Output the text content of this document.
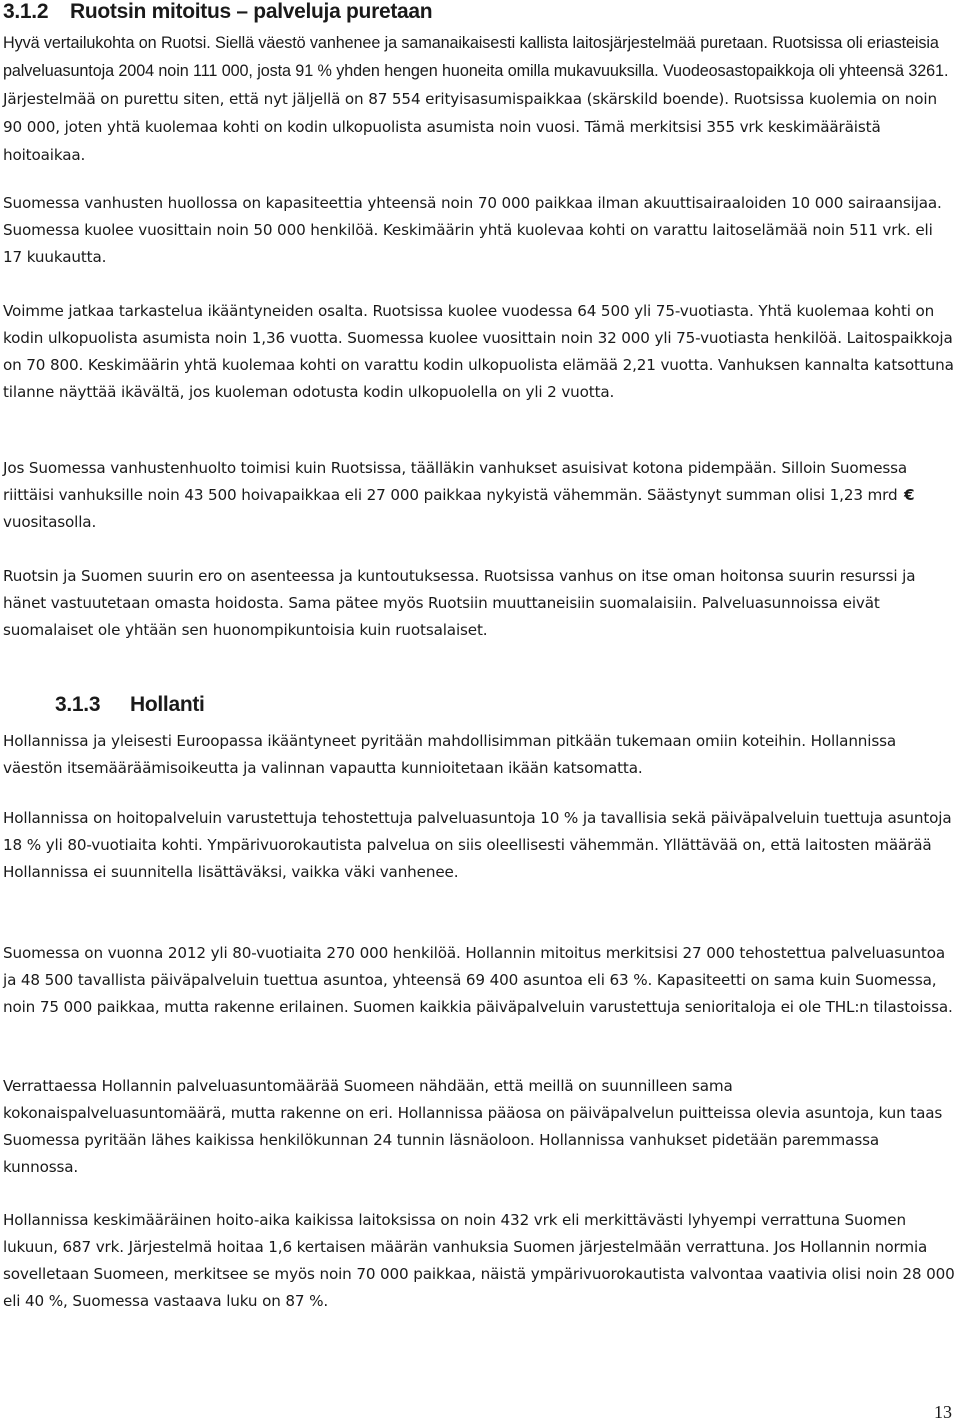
3.1.2	Ruotsin mitoitus – palveluja puretaan

Hyvä vertailukohta on Ruotsi. Siellä väestö vanhenee ja samanaikaisesti kallista laitosjärjestelmää puretaan. Ruotsissa oli eriasteisia palveluasuntoja 2004 noin 111 000, josta 91 % yhden hengen huoneita omilla mukavuuksilla. Vuodeosastopaikkoja oli yhteensä 3261. Järjestelmää on purettu siten, että nyt jäljellä on 87 554 erityisasumispaikkaa (skärskild boende). Ruotsissa kuolemia on noin 90 000, joten yhtä kuolemaa kohti on kodin ulkopuolista asumista noin vuosi. Tämä merkitsisi 355 vrk keskimääräistä hoitoaikaa.

Suomessa vanhusten huollossa on kapasiteettia yhteensä noin 70 000 paikkaa ilman akuuttisairaaloiden 10 000 sairaansijaa. Suomessa kuolee vuosittain noin 50 000 henkilöä. Keskimäärin yhtä kuolevaa kohti on varattu laitoselämää noin 511 vrk. eli 17 kuukautta.

Voimme jatkaa tarkastelua ikääntyneiden osalta. Ruotsissa kuolee vuodessa 64 500 yli 75-vuotiasta. Yhtä kuolemaa kohti on kodin ulkopuolista asumista noin 1,36 vuotta. Suomessa kuolee vuosittain noin 32 000 yli 75-vuotiasta henkilöä. Laitospaikkoja on 70 800. Keskimäärin yhtä kuolemaa kohti on varattu kodin ulkopuolista elämää 2,21 vuotta. Vanhuksen kannalta katsottuna tilanne näyttää ikävältä, jos kuoleman odotusta kodin ulkopuolella on yli 2 vuotta.

Jos Suomessa vanhustenhuolto toimisi kuin Ruotsissa, täälläkin vanhukset asuisivat kotona pidempään. Silloin Suomessa riittäisi vanhuksille noin 43 500 hoivapaikkaa eli 27 000 paikkaa nykyistä vähemmän. Säästynyt summan olisi 1,23 mrd € vuositasolla.

Ruotsin ja Suomen suurin ero on asenteessa ja kuntoutuksessa. Ruotsissa vanhus on itse oman hoitonsa suurin resurssi ja hänet vastuutetaan omasta hoidosta. Sama pätee myös Ruotsiin muuttaneisiin suomalaisiin. Palveluasunnoissa eivät suomalaiset ole yhtään sen huonompikuntoisia kuin ruotsalaiset.

3.1.3	Hollanti

Hollannissa ja yleisesti Euroopassa ikääntyneet pyritään mahdollisimman pitkään tukemaan omiin koteihin. Hollannissa väestön itsemääräämisoikeutta ja valinnan vapautta kunnioitetaan ikään katsomatta.

Hollannissa on hoitopalveluin varustettuja tehostettuja palveluasuntoja 10 % ja tavallisia sekä päiväpalveluin tuettuja asuntoja 18 % yli 80-vuotiaita kohti. Ympärivuorokautista palvelua on siis oleellisesti vähemmän. Yllättävää on, että laitosten määrää Hollannissa ei suunnitella lisättäväksi, vaikka väki vanhenee.

Suomessa on vuonna 2012 yli 80-vuotiaita 270 000 henkilöä. Hollannin mitoitus merkitsisi 27 000 tehostettua palveluasuntoa ja 48 500 tavallista päiväpalveluin tuettua asuntoa, yhteensä 69 400 asuntoa eli 63 %. Kapasiteetti on sama kuin Suomessa, noin 75 000 paikkaa, mutta rakenne erilainen. Suomen kaikkia päiväpalveluin varustettuja senioritaloja ei ole THL:n tilastoissa.

Verrattaessa Hollannin palveluasuntomäärää Suomeen nähdään, että meillä on suunnilleen sama kokonaispalveluasuntomäärä, mutta rakenne on eri. Hollannissa pääosa on päiväpalvelun puitteissa olevia asuntoja, kun taas Suomessa pyritään lähes kaikissa henkilökunnan 24 tunnin läsnäoloon. Hollannissa vanhukset pidetään paremmassa kunnossa.

Hollannissa keskimääräinen hoito-aika kaikissa laitoksissa on noin 432 vrk eli merkittävästi lyhyempi verrattuna Suomen lukuun, 687 vrk. Järjestelmä hoitaa 1,6 kertaisen määrän vanhuksia Suomen järjestelmään verrattuna. Jos Hollannin normia sovelletaan Suomeen, merkitsee se myös noin 70 000 paikkaa, näistä ympärivuorokautista valvontaa vaativia olisi noin 28 000 eli 40 %, Suomessa vastaava luku on 87 %.

13
